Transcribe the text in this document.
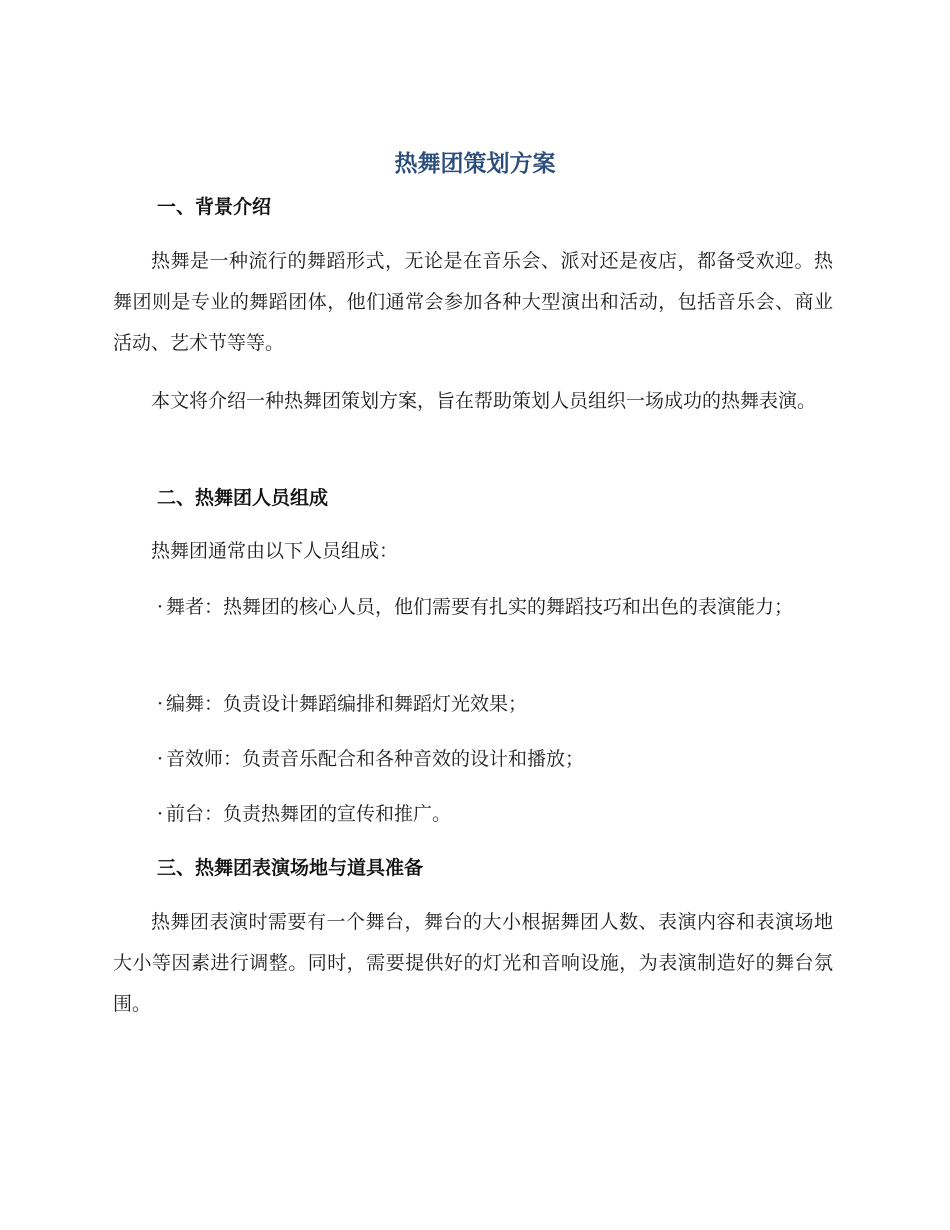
热舞团策划方案
一、背景介绍

热舞是一种流行的舞蹈形式，无论是在音乐会、派对还是夜店，都备受欢迎。热舞团则是专业的舞蹈团体，他们通常会参加各种大型演出和活动，包括音乐会、商业活动、艺术节等等。

本文将介绍一种热舞团策划方案，旨在帮助策划人员组织一场成功的热舞表演。

二、热舞团人员组成

热舞团通常由以下人员组成：

· 舞者：热舞团的核心人员，他们需要有扎实的舞蹈技巧和出色的表演能力；

· 编舞：负责设计舞蹈编排和舞蹈灯光效果；

· 音效师：负责音乐配合和各种音效的设计和播放；

· 前台：负责热舞团的宣传和推广。

三、热舞团表演场地与道具准备

热舞团表演时需要有一个舞台，舞台的大小根据舞团人数、表演内容和表演场地大小等因素进行调整。同时，需要提供好的灯光和音响设施，为表演制造好的舞台氛围。
